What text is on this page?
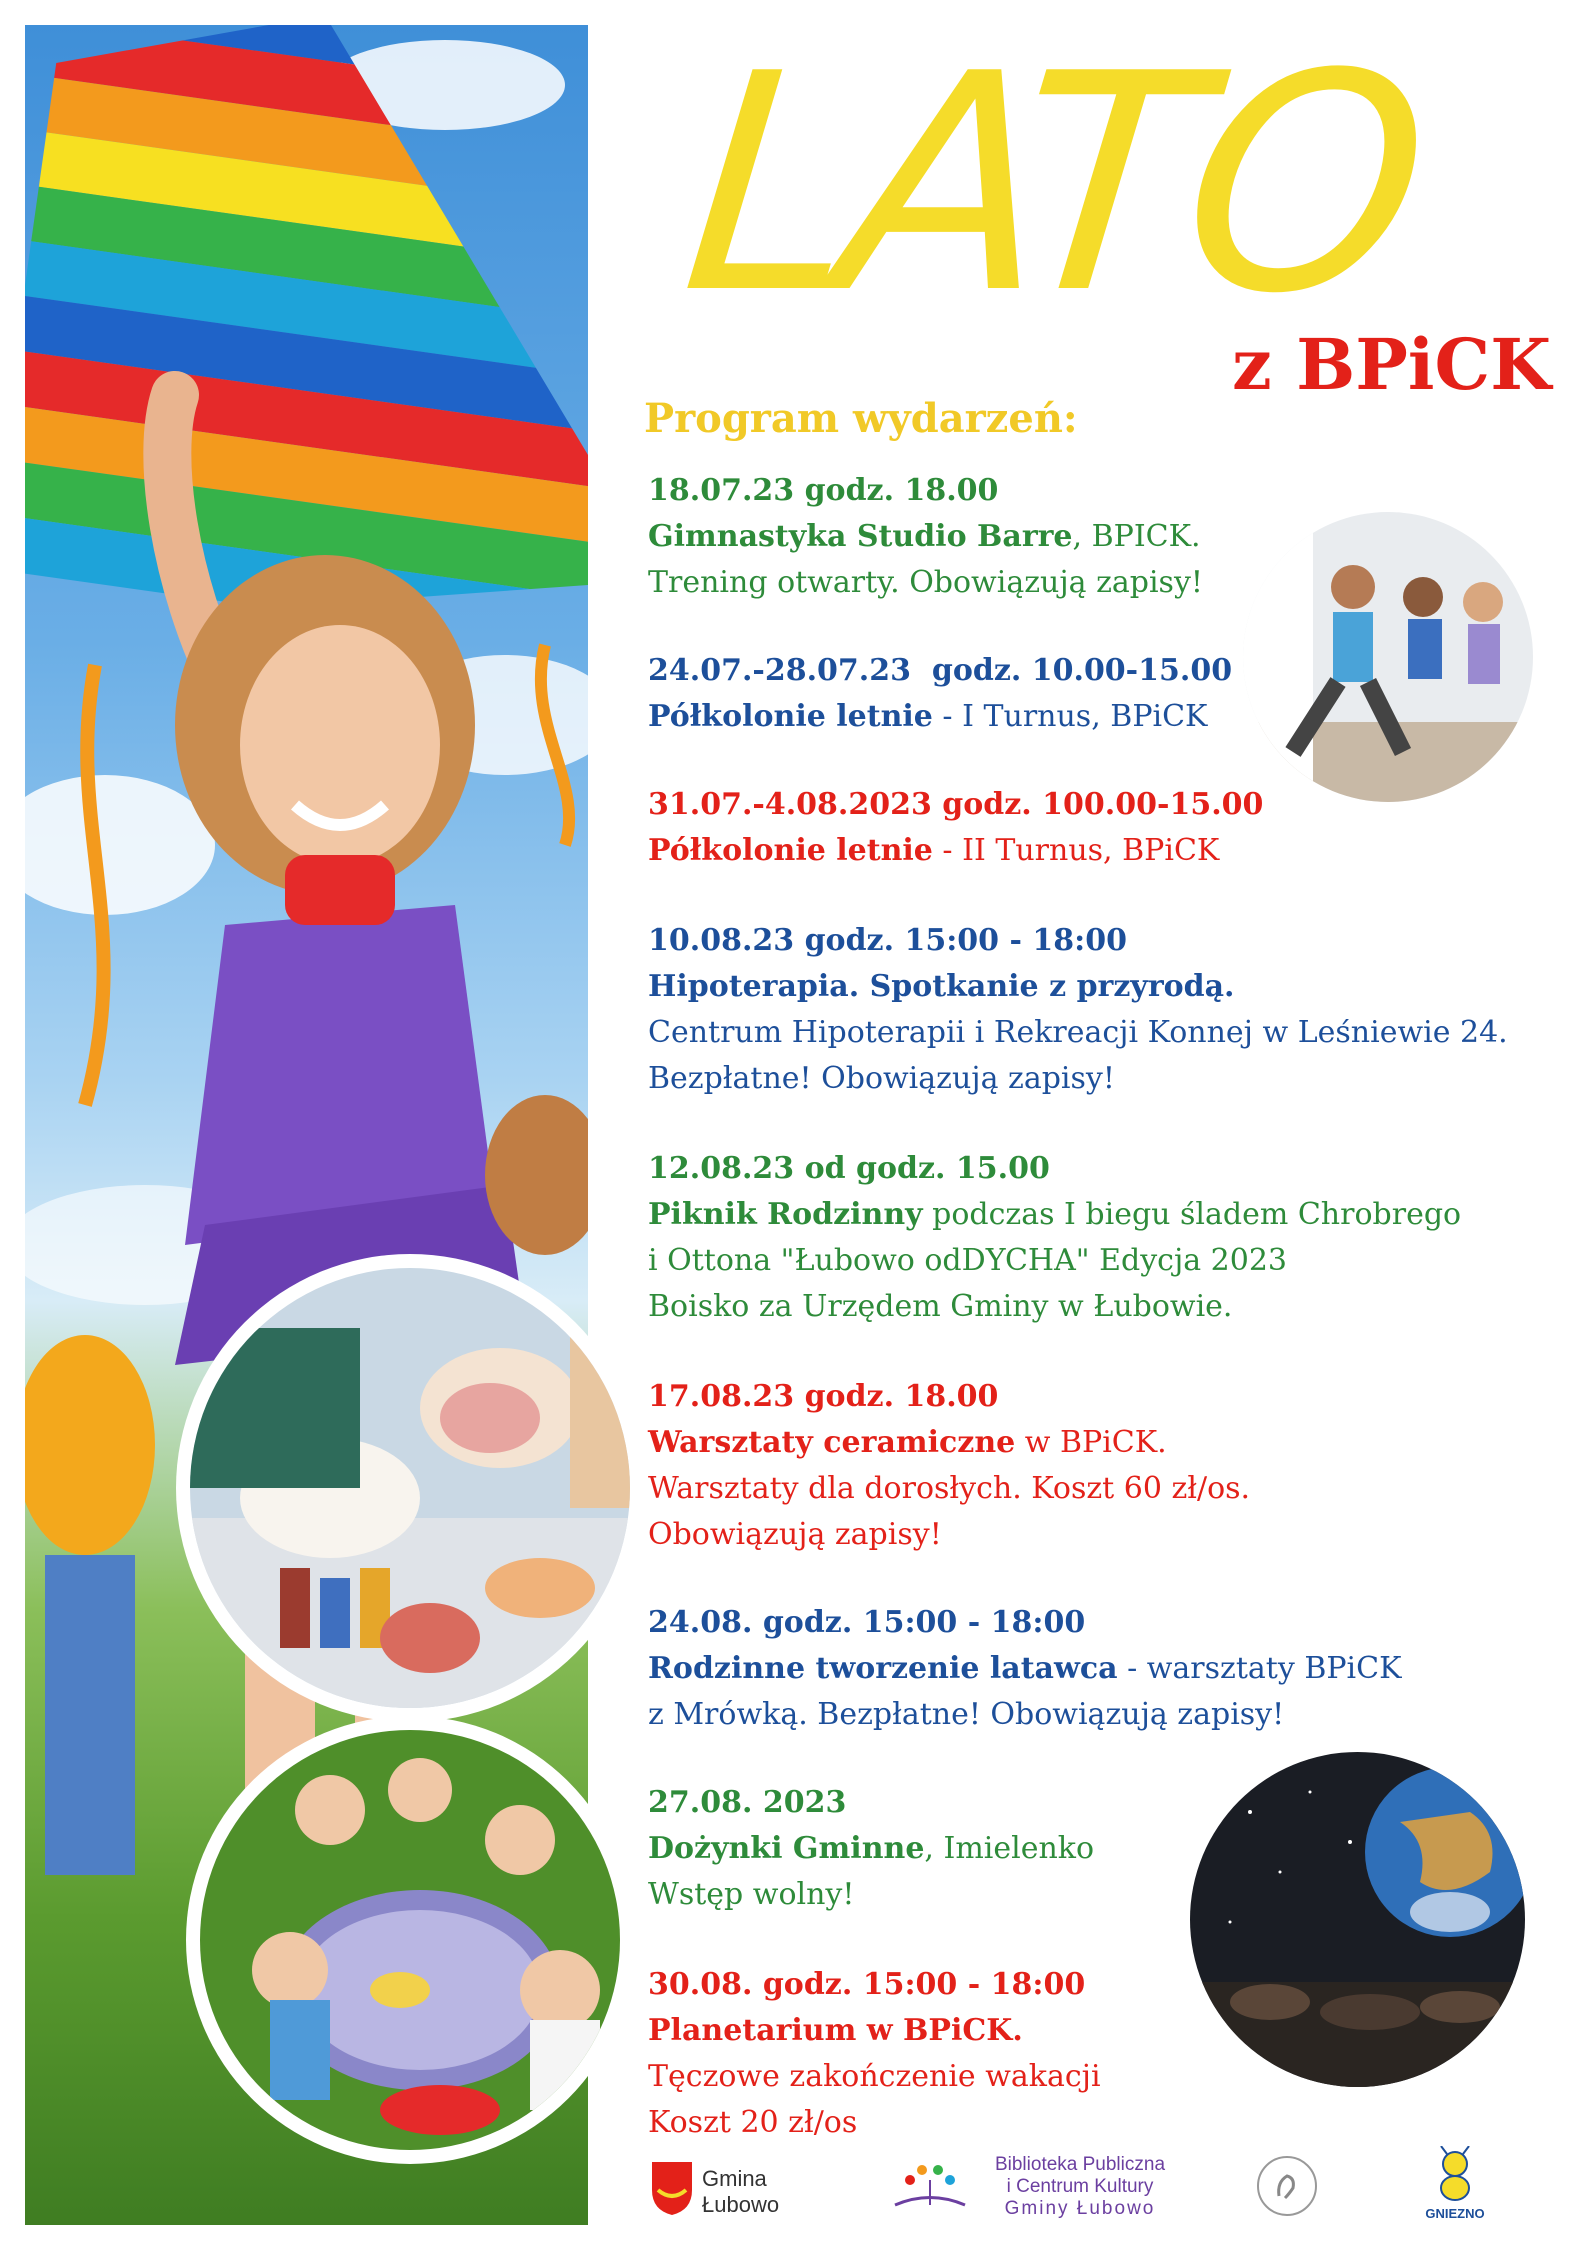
LATO
z BPiCK
Program wydarzeń:
18.07.23 godz. 18.00
Gimnastyka Studio Barre, BPICK.
Trening otwarty. Obowiązują zapisy!
24.07.-28.07.23  godz. 10.00-15.00
Półkolonie letnie - I Turnus, BPiCK
31.07.-4.08.2023 godz. 100.00-15.00
Półkolonie letnie - II Turnus, BPiCK
10.08.23 godz. 15:00 - 18:00
Hipoterapia. Spotkanie z przyrodą.
Centrum Hipoterapii i Rekreacji Konnej w Leśniewie 24.
Bezpłatne! Obowiązują zapisy!
12.08.23 od godz. 15.00
Piknik Rodzinny podczas I biegu śladem Chrobrego
i Ottona "Łubowo odDYCHA" Edycja 2023
Boisko za Urzędem Gminy w Łubowie.
17.08.23 godz. 18.00
Warsztaty ceramiczne w BPiCK.
Warsztaty dla dorosłych. Koszt 60 zł/os.
Obowiązują zapisy!
24.08. godz. 15:00 - 18:00
Rodzinne tworzenie latawca - warsztaty BPiCK
z Mrówką. Bezpłatne! Obowiązują zapisy!
27.08. 2023
Dożynki Gminne, Imielenko
Wstęp wolny!
30.08. godz. 15:00 - 18:00
Planetarium w BPiCK.
Tęczowe zakończenie wakacji
Koszt 20 zł/os
Gmina
Łubowo
Biblioteka Publiczna
i Centrum Kultury
Gminy Łubowo	GNIEZNO
